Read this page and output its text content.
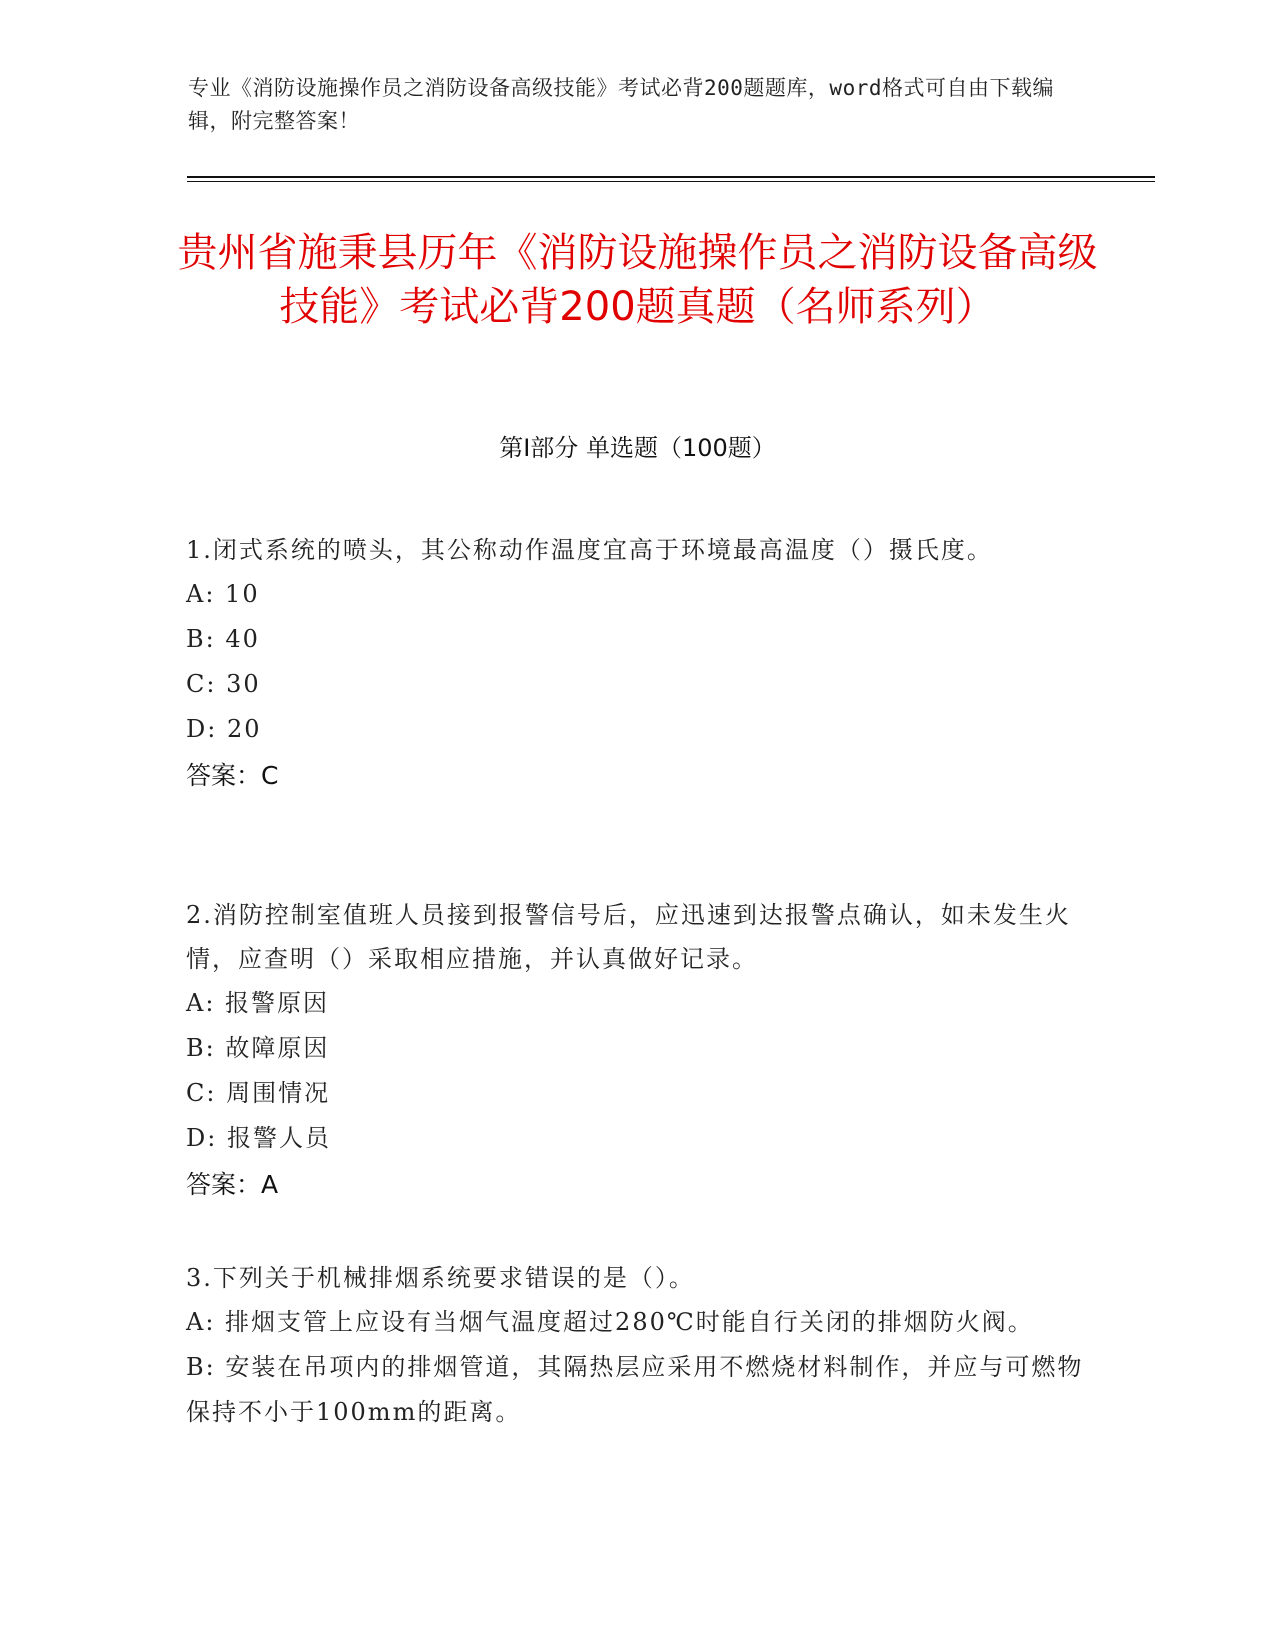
专业《消防设施操作员之消防设备高级技能》考试必背200题题库，word格式可自由下载编辑，附完整答案！
贵州省施秉县历年《消防设施操作员之消防设备高级技能》考试必背200题真题（名师系列）
第Ⅰ部分 单选题（100题）
1.闭式系统的喷头，其公称动作温度宜高于环境最高温度（）摄氏度。
A: 10
B: 40
C: 30
D: 20
答案：C
2.消防控制室值班人员接到报警信号后，应迅速到达报警点确认，如未发生火情，应查明（）采取相应措施，并认真做好记录。
A: 报警原因
B: 故障原因
C: 周围情况
D: 报警人员
答案：A
3.下列关于机械排烟系统要求错误的是（）。
A: 排烟支管上应设有当烟气温度超过280℃时能自行关闭的排烟防火阀。
B: 安装在吊项内的排烟管道，其隔热层应采用不燃烧材料制作，并应与可燃物保持不小于100mm的距离。
